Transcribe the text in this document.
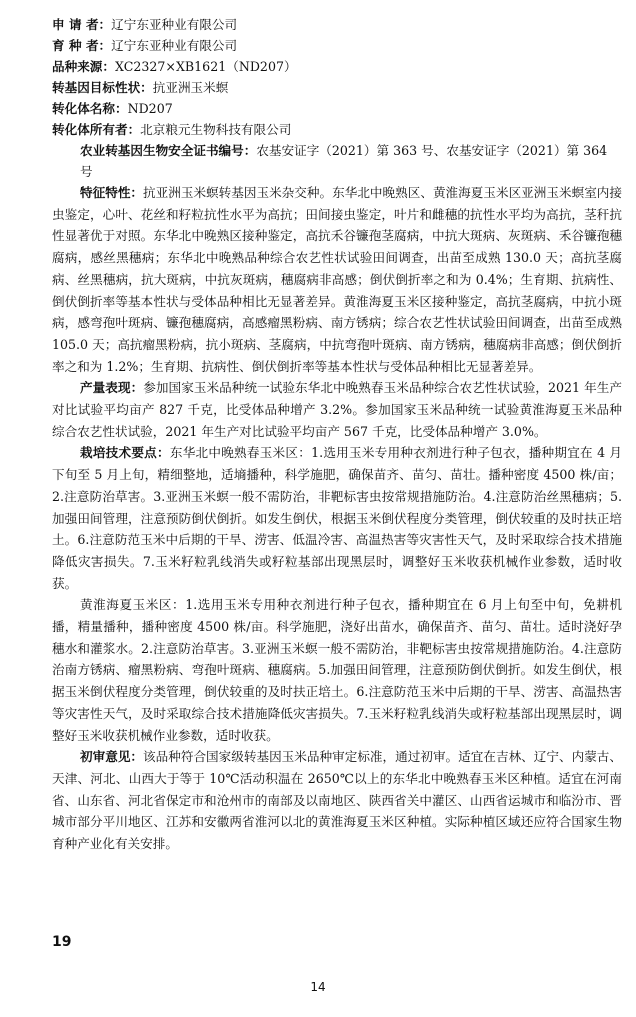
申 请 者：辽宁东亚种业有限公司
育 种 者：辽宁东亚种业有限公司
品种来源：XC2327×XB1621（ND207）
转基因目标性状：抗亚洲玉米螟
转化体名称：ND207
转化体所有者：北京粮元生物科技有限公司
农业转基因生物安全证书编号：农基安证字（2021）第 363 号、农基安证字（2021）第 364 号

特征特性：抗亚洲玉米螟转基因玉米杂交种。东华北中晚熟区、黄淮海夏玉米区亚洲玉米螟室内接虫鉴定，心叶、花丝和籽粒抗性水平为高抗；田间接虫鉴定，叶片和雌穗的抗性水平均为高抗，茎秆抗性显著优于对照。东华北中晚熟区接种鉴定，高抗禾谷镰孢茎腐病，中抗大斑病、灰斑病、禾谷镰孢穗腐病，感丝黑穗病；东华北中晚熟品种综合农艺性状试验田间调查，出苗至成熟 130.0 天；高抗茎腐病、丝黑穗病，抗大斑病，中抗灰斑病，穗腐病非高感；倒伏倒折率之和为 0.4%；生育期、抗病性、倒伏倒折率等基本性状与受体品种相比无显著差异。黄淮海夏玉米区接种鉴定，高抗茎腐病，中抗小斑病，感弯孢叶斑病、镰孢穗腐病，高感瘤黑粉病、南方锈病；综合农艺性状试验田间调查，出苗至成熟 105.0 天；高抗瘤黑粉病，抗小斑病、茎腐病，中抗弯孢叶斑病、南方锈病，穗腐病非高感；倒伏倒折率之和为 1.2%；生育期、抗病性、倒伏倒折率等基本性状与受体品种相比无显著差异。

产量表现：参加国家玉米品种统一试验东华北中晚熟春玉米品种综合农艺性状试验，2021 年生产对比试验平均亩产 827 千克，比受体品种增产 3.2%。参加国家玉米品种统一试验黄淮海夏玉米品种综合农艺性状试验，2021 年生产对比试验平均亩产 567 千克，比受体品种增产 3.0%。

栽培技术要点：东华北中晚熟春玉米区：1.选用玉米专用种衣剂进行种子包衣，播种期宜在 4 月下旬至 5 月上旬，精细整地，适墒播种，科学施肥，确保苗齐、苗匀、苗壮。播种密度 4500 株/亩；2.注意防治草害。3.亚洲玉米螟一般不需防治，非靶标害虫按常规措施防治。4.注意防治丝黑穗病；5.加强田间管理，注意预防倒伏倒折。如发生倒伏，根据玉米倒伏程度分类管理，倒伏较重的及时扶正培土。6.注意防范玉米中后期的干旱、涝害、低温冷害、高温热害等灾害性天气，及时采取综合技术措施降低灾害损失。7.玉米籽粒乳线消失或籽粒基部出现黑层时，调整好玉米收获机械作业参数，适时收获。

黄淮海夏玉米区：1.选用玉米专用种衣剂进行种子包衣，播种期宜在 6 月上旬至中旬，免耕机播，精量播种，播种密度 4500 株/亩。科学施肥，浇好出苗水，确保苗齐、苗匀、苗壮。适时浇好孕穗水和灌浆水。2.注意防治草害。3.亚洲玉米螟一般不需防治，非靶标害虫按常规措施防治。4.注意防治南方锈病、瘤黑粉病、弯孢叶斑病、穗腐病。5.加强田间管理，注意预防倒伏倒折。如发生倒伏，根据玉米倒伏程度分类管理，倒伏较重的及时扶正培土。6.注意防范玉米中后期的干旱、涝害、高温热害等灾害性天气，及时采取综合技术措施降低灾害损失。7.玉米籽粒乳线消失或籽粒基部出现黑层时，调整好玉米收获机械作业参数，适时收获。

初审意见：该品种符合国家级转基因玉米品种审定标准，通过初审。适宜在吉林、辽宁、内蒙古、天津、河北、山西大于等于 10℃活动积温在 2650℃以上的东华北中晚熟春玉米区种植。适宜在河南省、山东省、河北省保定市和沧州市的南部及以南地区、陕西省关中灌区、山西省运城市和临汾市、晋城市部分平川地区、江苏和安徽两省淮河以北的黄淮海夏玉米区种植。实际种植区域还应符合国家生物育种产业化有关安排。

19
14
